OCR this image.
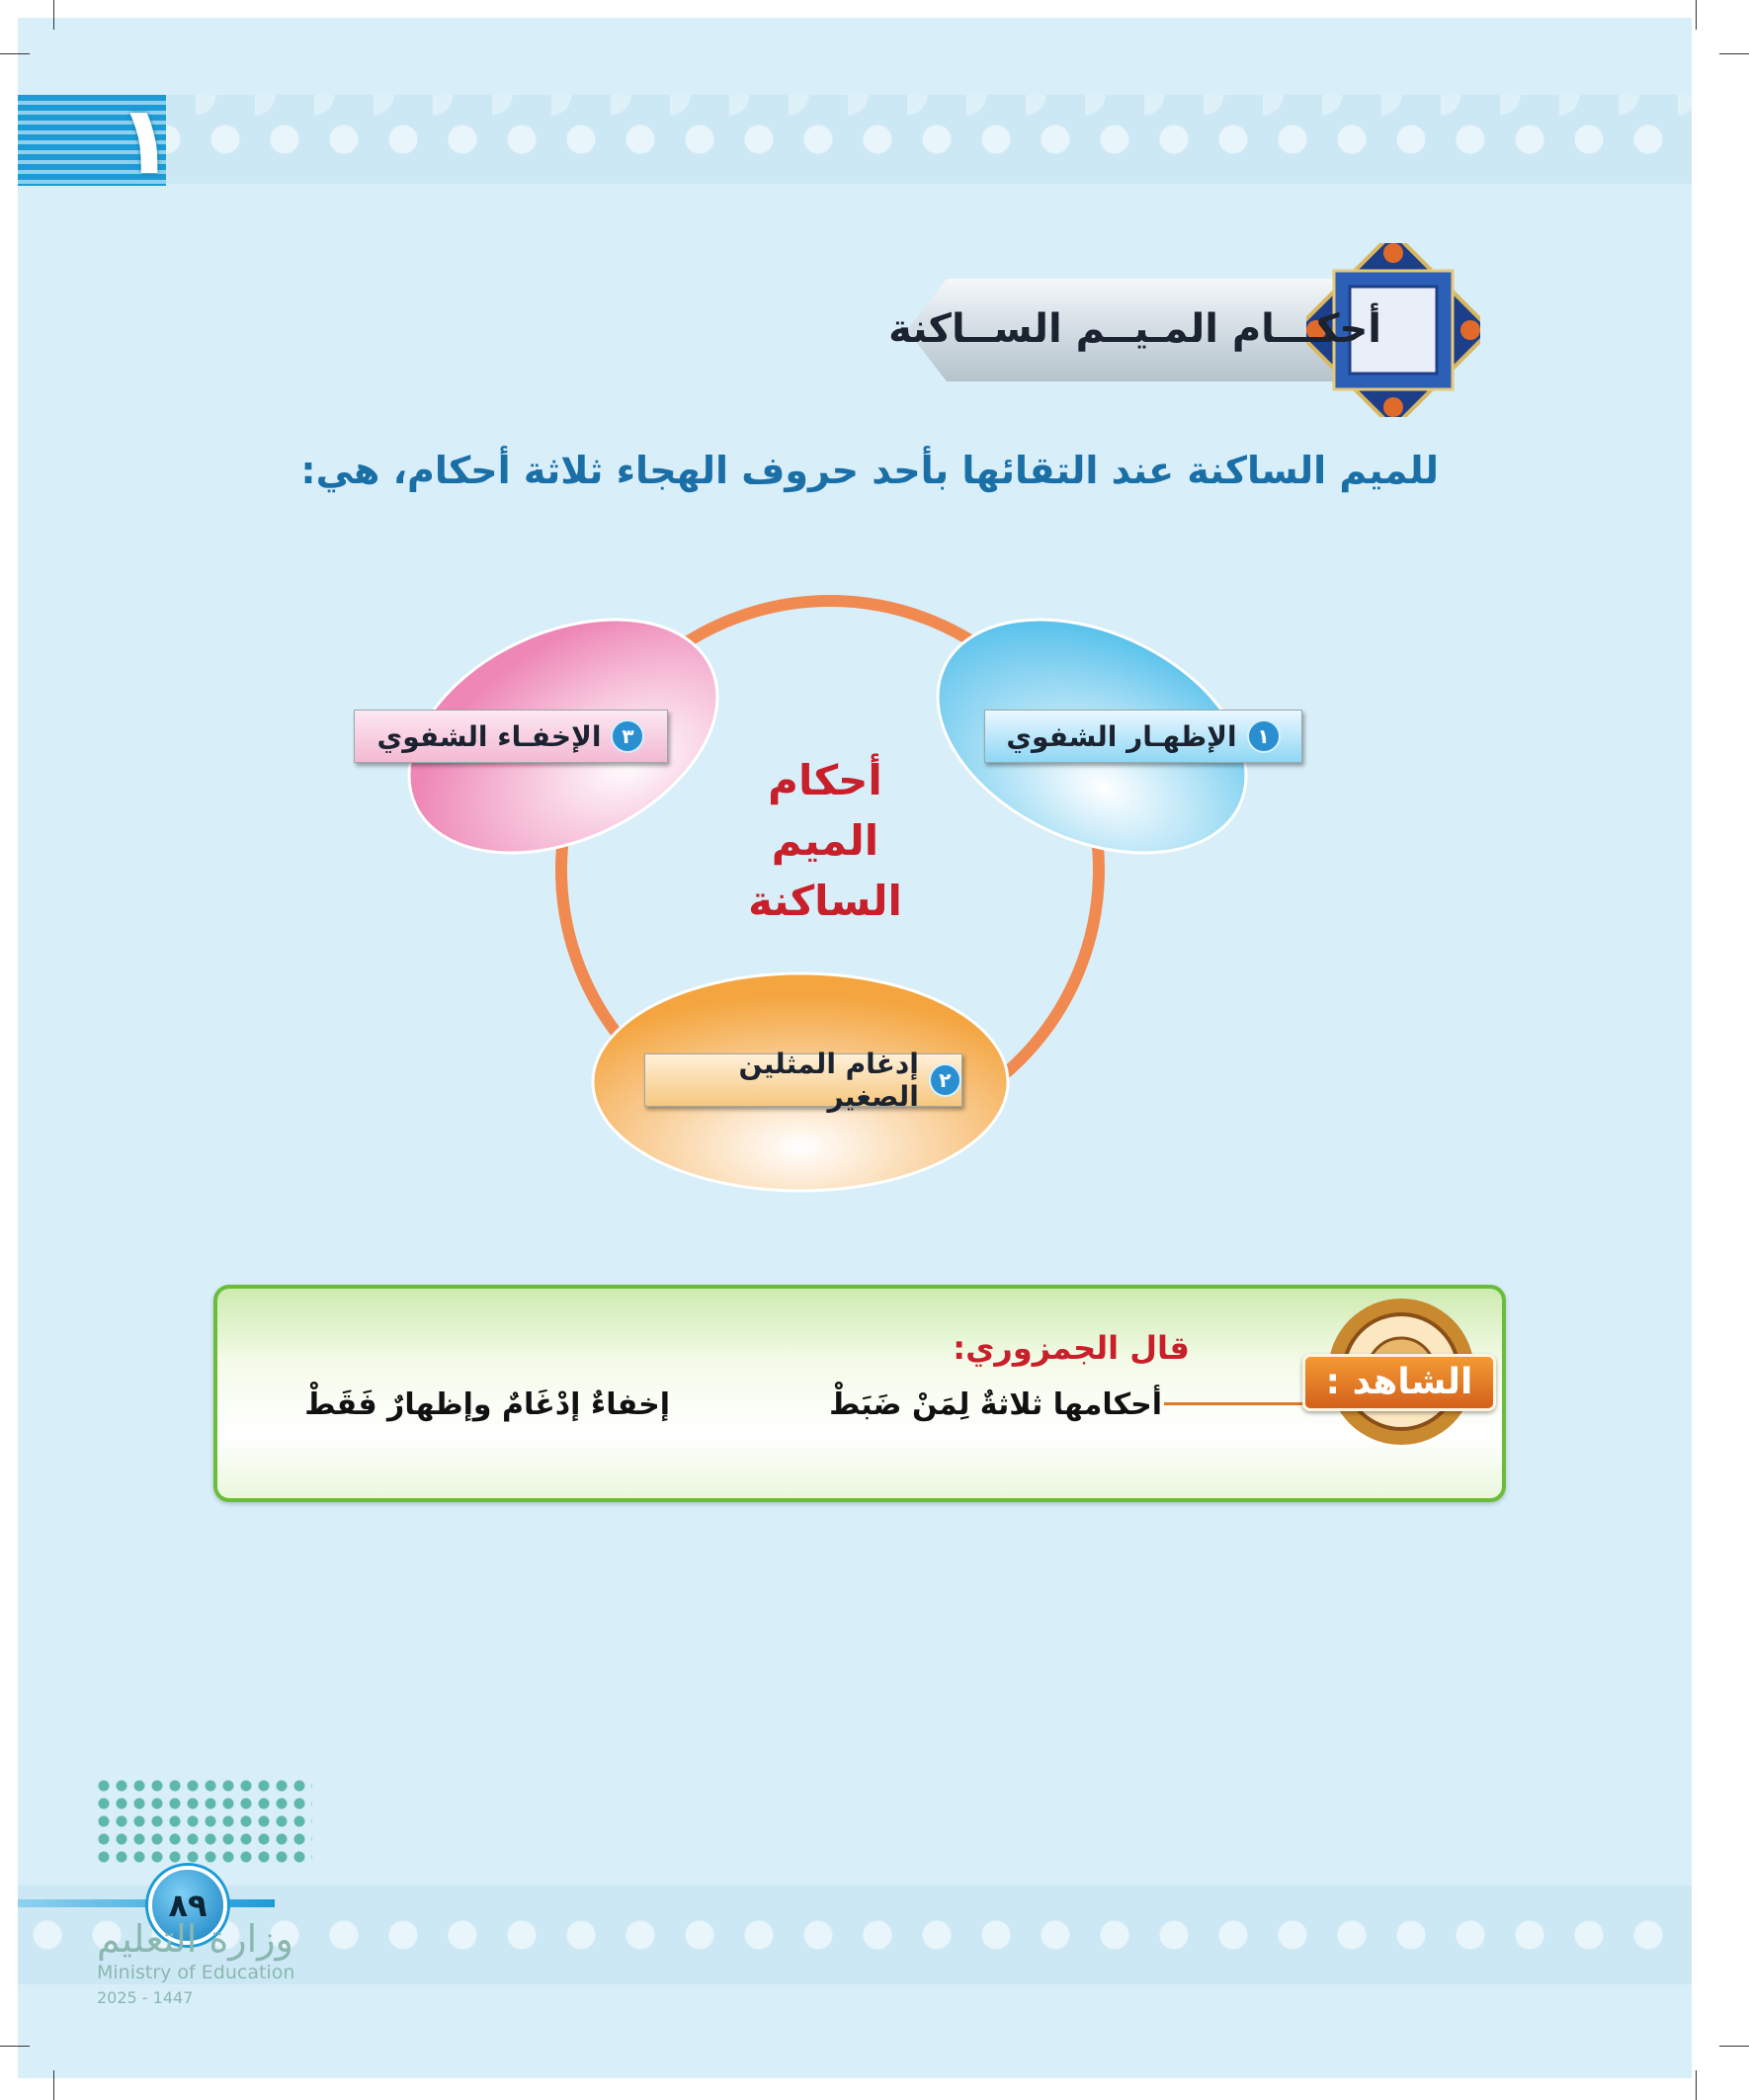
١
أحكـــام المـيــم الســاكنة
للميم الساكنة عند التقائها بأحد حروف الهجاء ثلاثة أحكام، هي:
١
الإظهـار الشفوي
٣
الإخفـاء الشفوي
٢
إدغام المثلين الصغير
أحكام الميم
الساكنة
الشاهد :
قال الجمزوري:
أحكامها ثلاثةٌ لِمَنْ ضَبَطْ
إخفاءٌ إدْغَامٌ وإظهارٌ فَقَطْ
٨٩
وزارة التعليم
Ministry of Education
2025 - 1447
